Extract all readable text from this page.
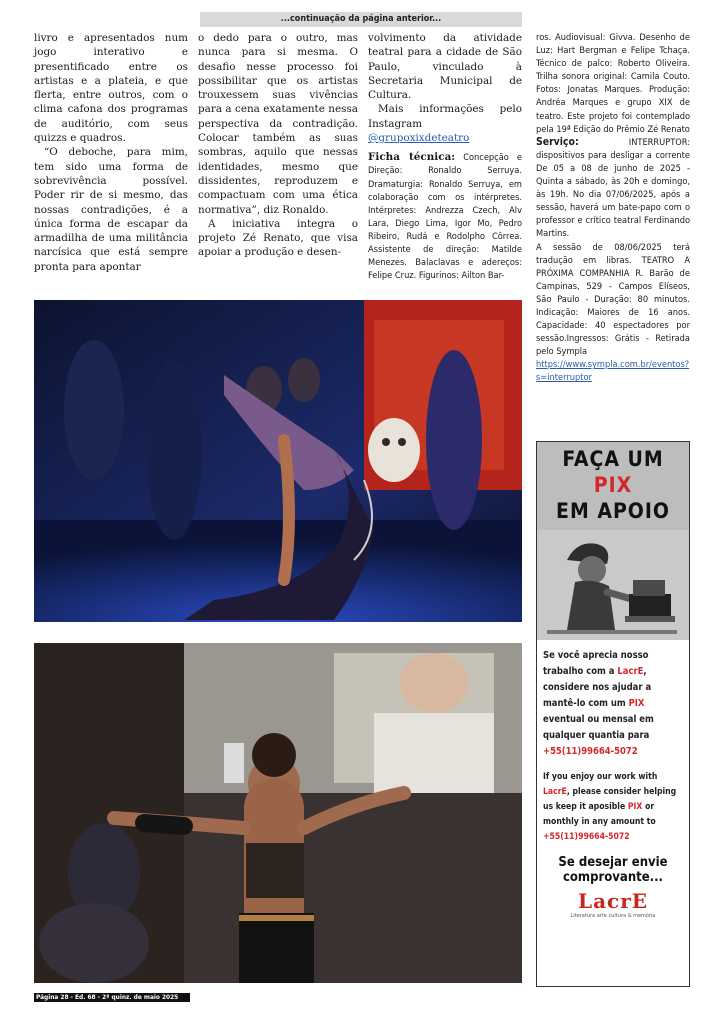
...continuação da página anterior...

livro e apresentados num jogo interativo e presentificado entre os artistas e a plateia, e que flerta, entre outros, com o clima cafona dos programas de auditório, com seus quizzs e quadros.

“O deboche, para mim, tem sido uma forma de sobrevivência possível. Poder rir de si mesmo, das nossas contradições, é a única forma de escapar da armadilha de uma militância narcísica que está sempre pronta para apontar

o dedo para o outro, mas nunca para si mesma. O desafio nesse processo foi possibilitar que os artistas trouxessem suas vivências para a cena exatamente nessa perspectiva da contradição. Colocar também as suas sombras, aquilo que nessas identidades, mesmo que dissidentes, reproduzem e compactuam com uma ética normativa”, diz Ronaldo.

A iniciativa integra o projeto Zé Renato, que visa apoiar a produção e desen-

volvimento da atividade teatral para a cidade de São Paulo, vinculado à Secretaria Municipal de Cultura.

Mais informações pelo Instagram @grupoxixdeteatro

Ficha técnica: Concepção e Direção: Ronaldo Serruya. Dramaturgia: Ronaldo Serruya, em colaboração com os intérpretes. Intérpretes: Andrezza Czech, Alv Lara, Diego Lima, Igor Mo, Pedro Ribeiro, Rudá e Rodolpho Côrrea. Assistente de direção: Matilde Menezes. Balaclavas e adereços: Felipe Cruz. Figurinos: Ailton Bar-

ros. Audiovisual: Givva. Desenho de Luz: Hart Bergman e Felipe Tchaça. Técnico de palco: Roberto Oliveira. Trilha sonora original: Camila Couto. Fotos: Jonatas Marques. Produção: Andréa Marques e grupo XIX de teatro. Este projeto foi contemplado pela 19ª Edição do Prêmio Zé Renato

Serviço:	INTERRUPTOR: dispositivos para desligar a corrente De 05 a 08 de junho de 2025 - Quinta a sábado, às 20h e domingo, às 19h. No dia 07/06/2025, após a sessão, haverá um bate-papo com o professor e crítico teatral Ferdinando Martins.

A sessão de 08/06/2025 terá tradução em libras. TEATRO A PRÓXIMA COMPANHIA R. Barão de Campinas, 529 - Campos Elíseos, São Paulo - Duração: 80 minutos. Indicação: Maiores de 16 anos. Capacidade: 40 espectadores por sessão.Ingressos: Grátis - Retirada pelo Sympla

https://www.sympla.com.br/eventos?s=interruptor

FAÇA UM PIX
EM APOIO

Se você aprecia nosso trabalho com a LacrE, considere nos ajudar a mantê-lo com um PIX eventual ou mensal em qualquer quantia para +55(11)99664-5072

If you enjoy our work with LacrE, please consider helping us keep it aposible PIX or monthly in any amount to +55(11)99664-5072

Se desejar envie comprovante...
LacrE
Literatura arte cultura & memória
Página 28 - Ed. 68 - 2ª quinz. de maio 2025
